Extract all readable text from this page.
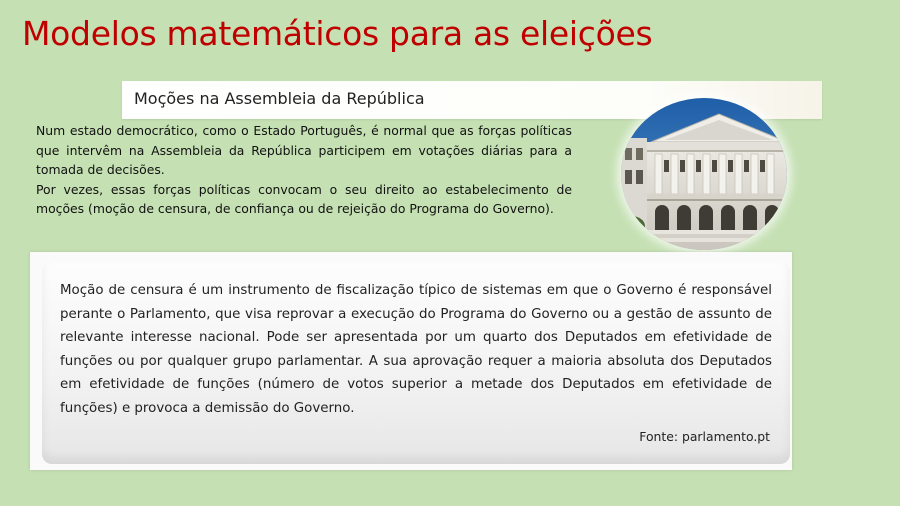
Modelos matemáticos para as eleições
Moções na Assembleia da República

Num estado democrático, como o Estado Português, é normal que as forças políticas que intervêm na Assembleia da República participem em votações diárias para a tomada de decisões.

Por vezes, essas forças políticas convocam o seu direito ao estabelecimento de moções (moção de censura, de confiança ou de rejeição do Programa do Governo).

Moção de censura é um instrumento de fiscalização típico de sistemas em que o Governo é responsável perante o Parlamento, que visa reprovar a execução do Programa do Governo ou a gestão de assunto de relevante interesse nacional. Pode ser apresentada por um quarto dos Deputados em efetividade de funções ou por qualquer grupo parlamentar. A sua aprovação requer a maioria absoluta dos Deputados em efetividade de funções (número de votos superior a metade dos Deputados em efetividade de funções) e provoca a demissão do Governo.

Fonte: parlamento.pt
